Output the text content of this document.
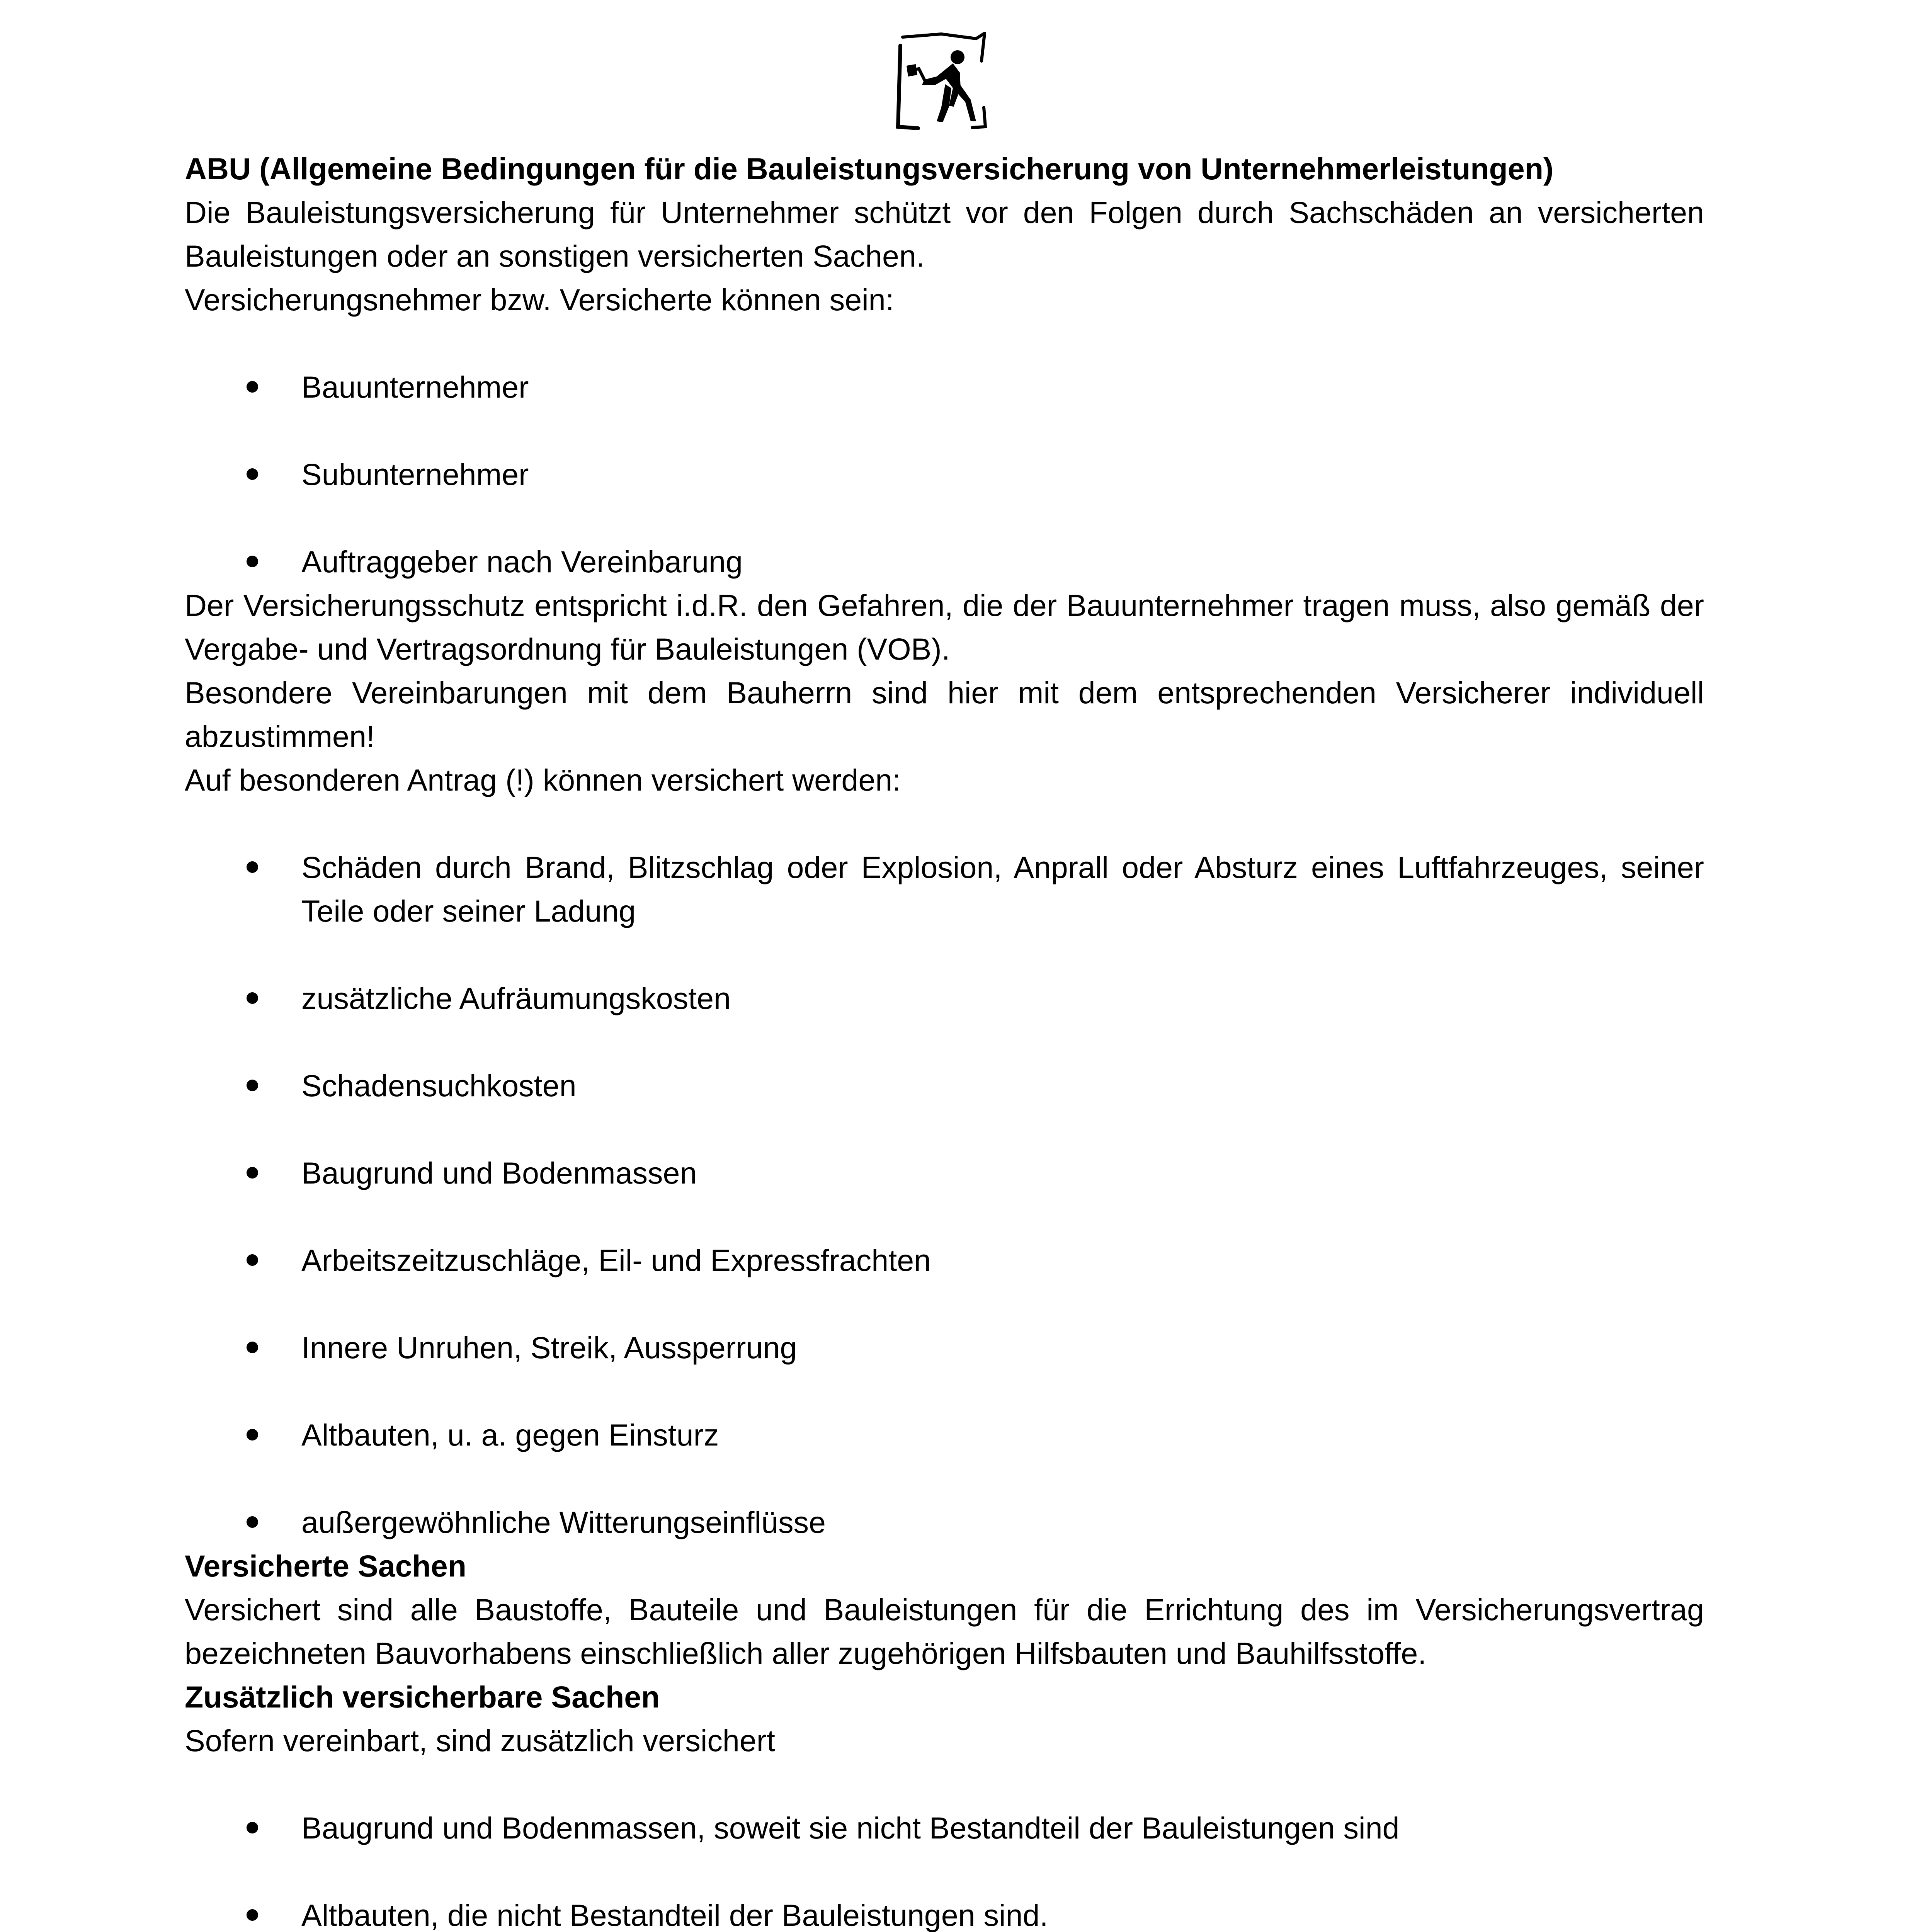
ABU (Allgemeine Bedingungen für die Bauleistungsversicherung von Unternehmerleistungen)

Die Bauleistungsversicherung für Unternehmer schützt vor den Folgen durch Sachschäden an versicherten Bauleistungen oder an sonstigen versicherten Sachen.

Versicherungsnehmer bzw. Versicherte können sein:

Bauunternehmer
Subunternehmer
Auftraggeber nach Vereinbarung

Der Versicherungsschutz entspricht i.d.R. den Gefahren, die der Bauunternehmer tragen muss, also gemäß der Vergabe- und Vertragsordnung für Bauleistungen (VOB).

Besondere Vereinbarungen mit dem Bauherrn sind hier mit dem entsprechenden Versicherer individuell abzustimmen!

Auf besonderen Antrag (!) können versichert werden:

Schäden durch Brand, Blitzschlag oder Explosion, Anprall oder Absturz eines Luftfahrzeuges, seiner Teile oder seiner Ladung
zusätzliche Aufräumungskosten
Schadensuchkosten
Baugrund und Bodenmassen
Arbeitszeitzuschläge, Eil- und Expressfrachten
Innere Unruhen, Streik, Aussperrung
Altbauten, u. a. gegen Einsturz
außergewöhnliche Witterungseinflüsse
Versicherte Sachen

Versichert sind alle Baustoffe, Bauteile und Bauleistungen für die Errichtung des im Versicherungsvertrag bezeichneten Bauvorhabens einschließlich aller zugehörigen Hilfsbauten und Bauhilfsstoffe.

Zusätzlich versicherbare Sachen

Sofern vereinbart, sind zusätzlich versichert

Baugrund und Bodenmassen, soweit sie nicht Bestandteil der Bauleistungen sind
Altbauten, die nicht Bestandteil der Bauleistungen sind.
